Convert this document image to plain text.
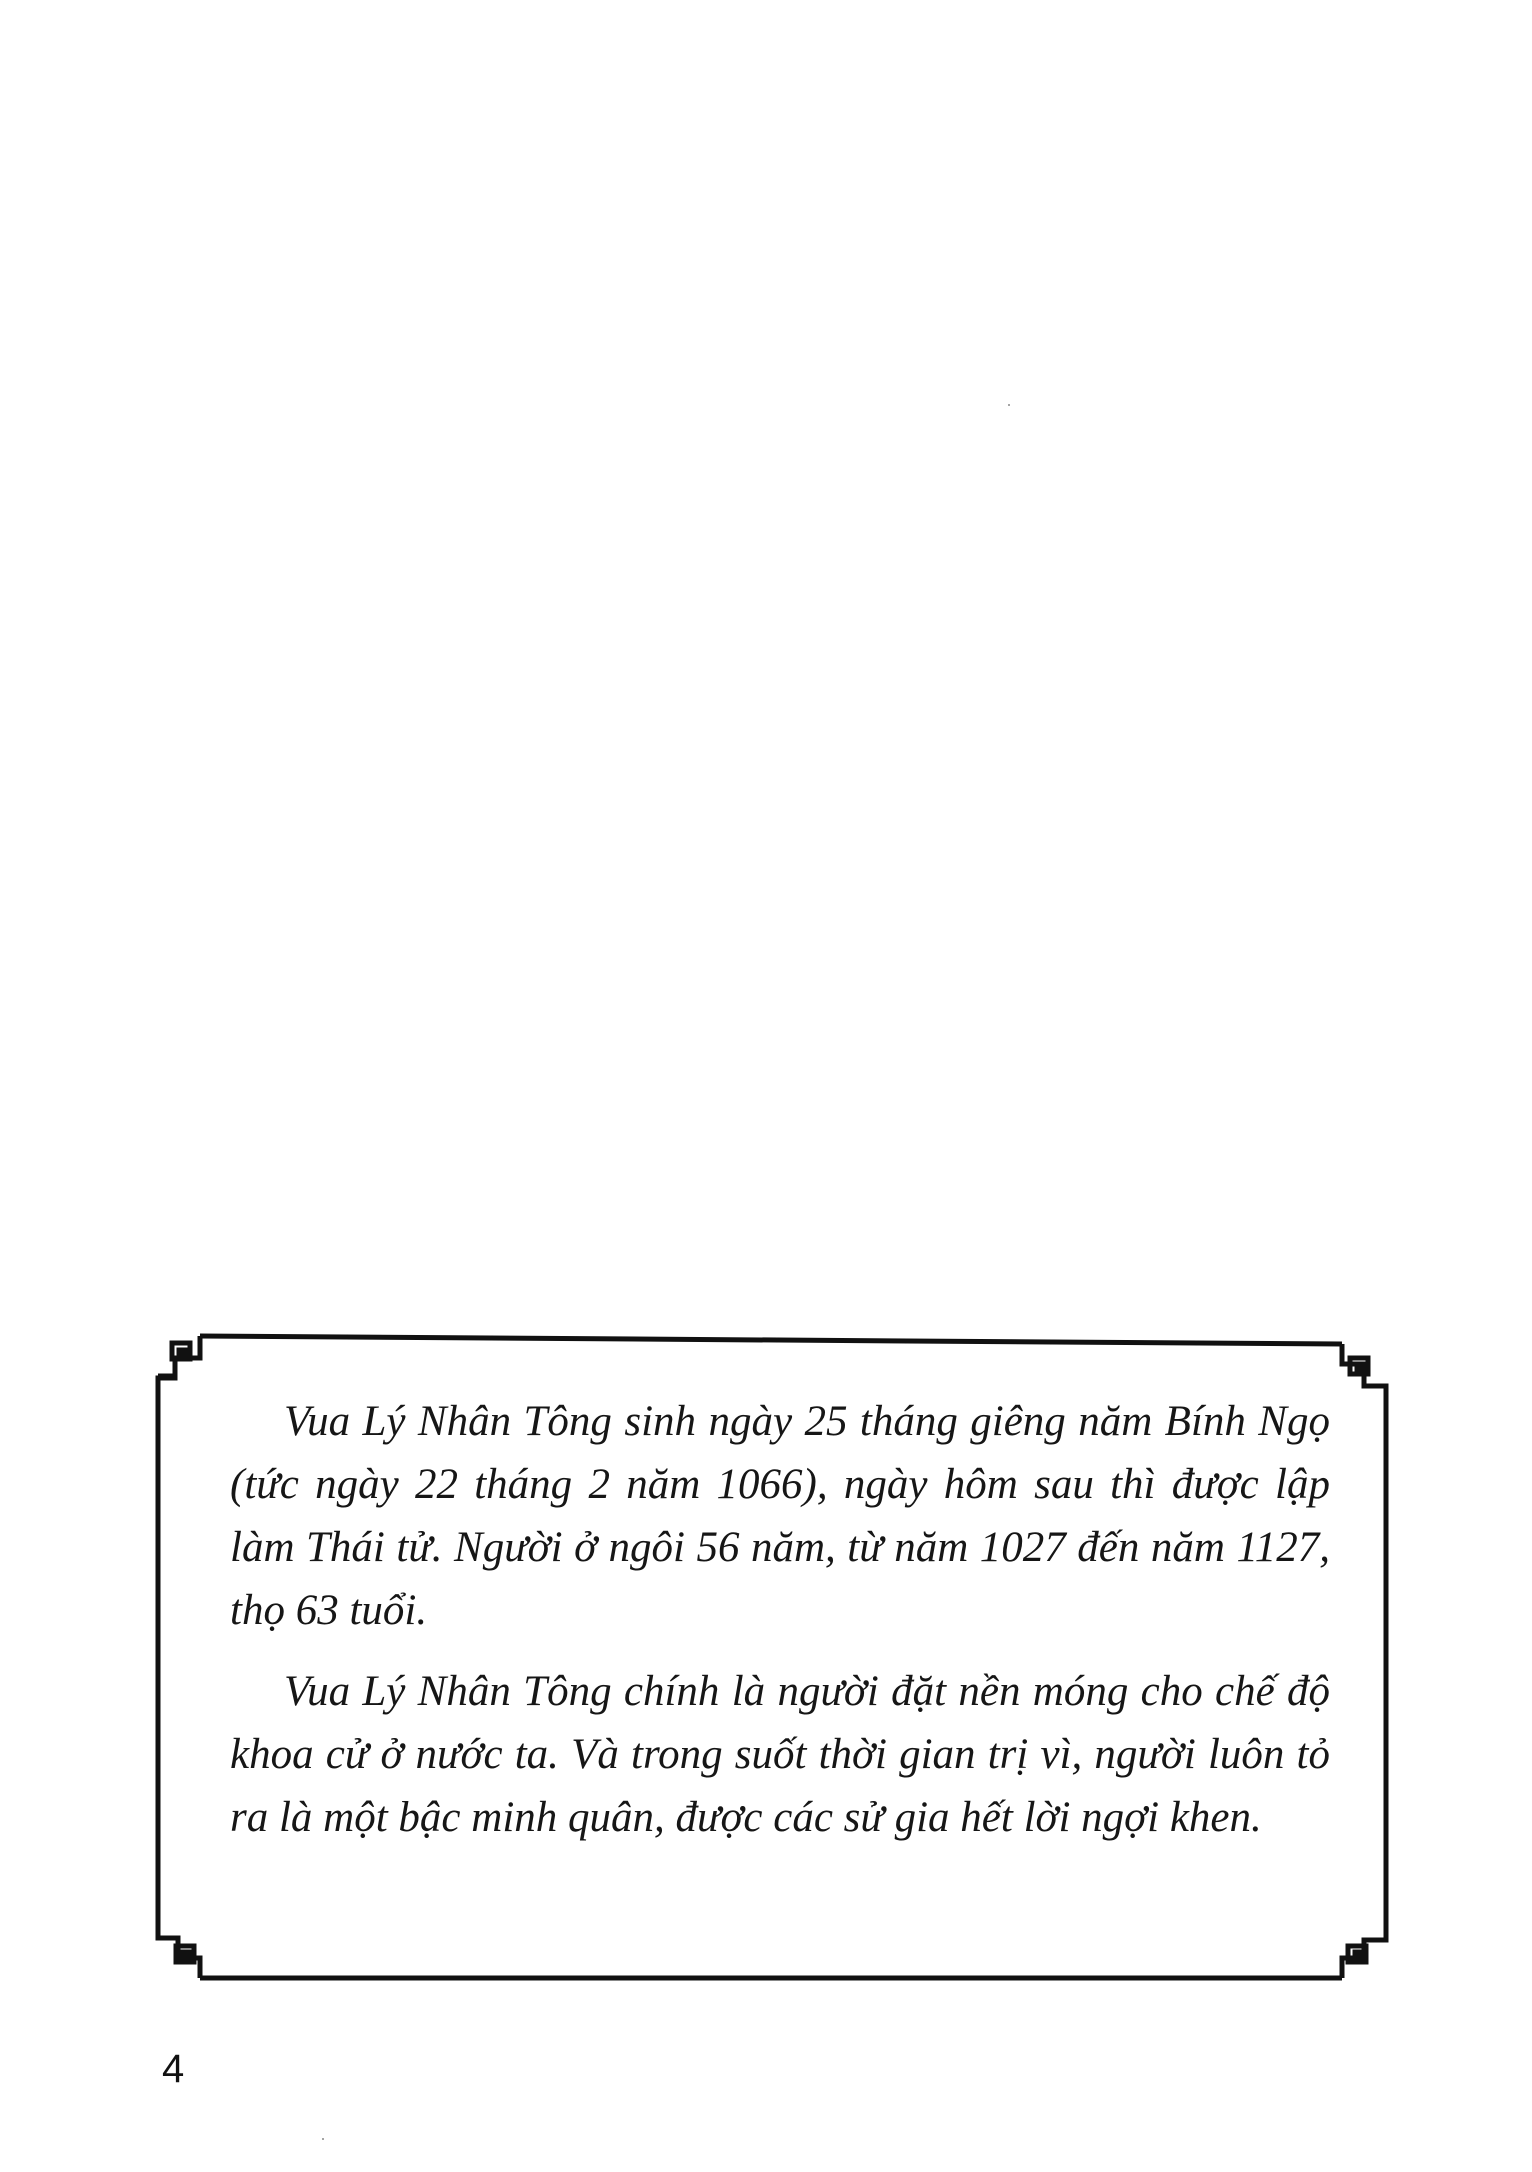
Vua Lý Nhân Tông sinh ngày 25 tháng giêng năm Bính Ngọ (tức ngày 22 tháng 2 năm 1066), ngày hôm sau thì được lập làm Thái tử. Người ở ngôi 56 năm, từ năm 1027 đến năm 1127, thọ 63 tuổi.

Vua Lý Nhân Tông chính là người đặt nền móng cho chế độ khoa cử ở nước ta. Và trong suốt thời gian trị vì, người luôn tỏ ra là một bậc minh quân, được các sử gia hết lời ngợi khen.

4
